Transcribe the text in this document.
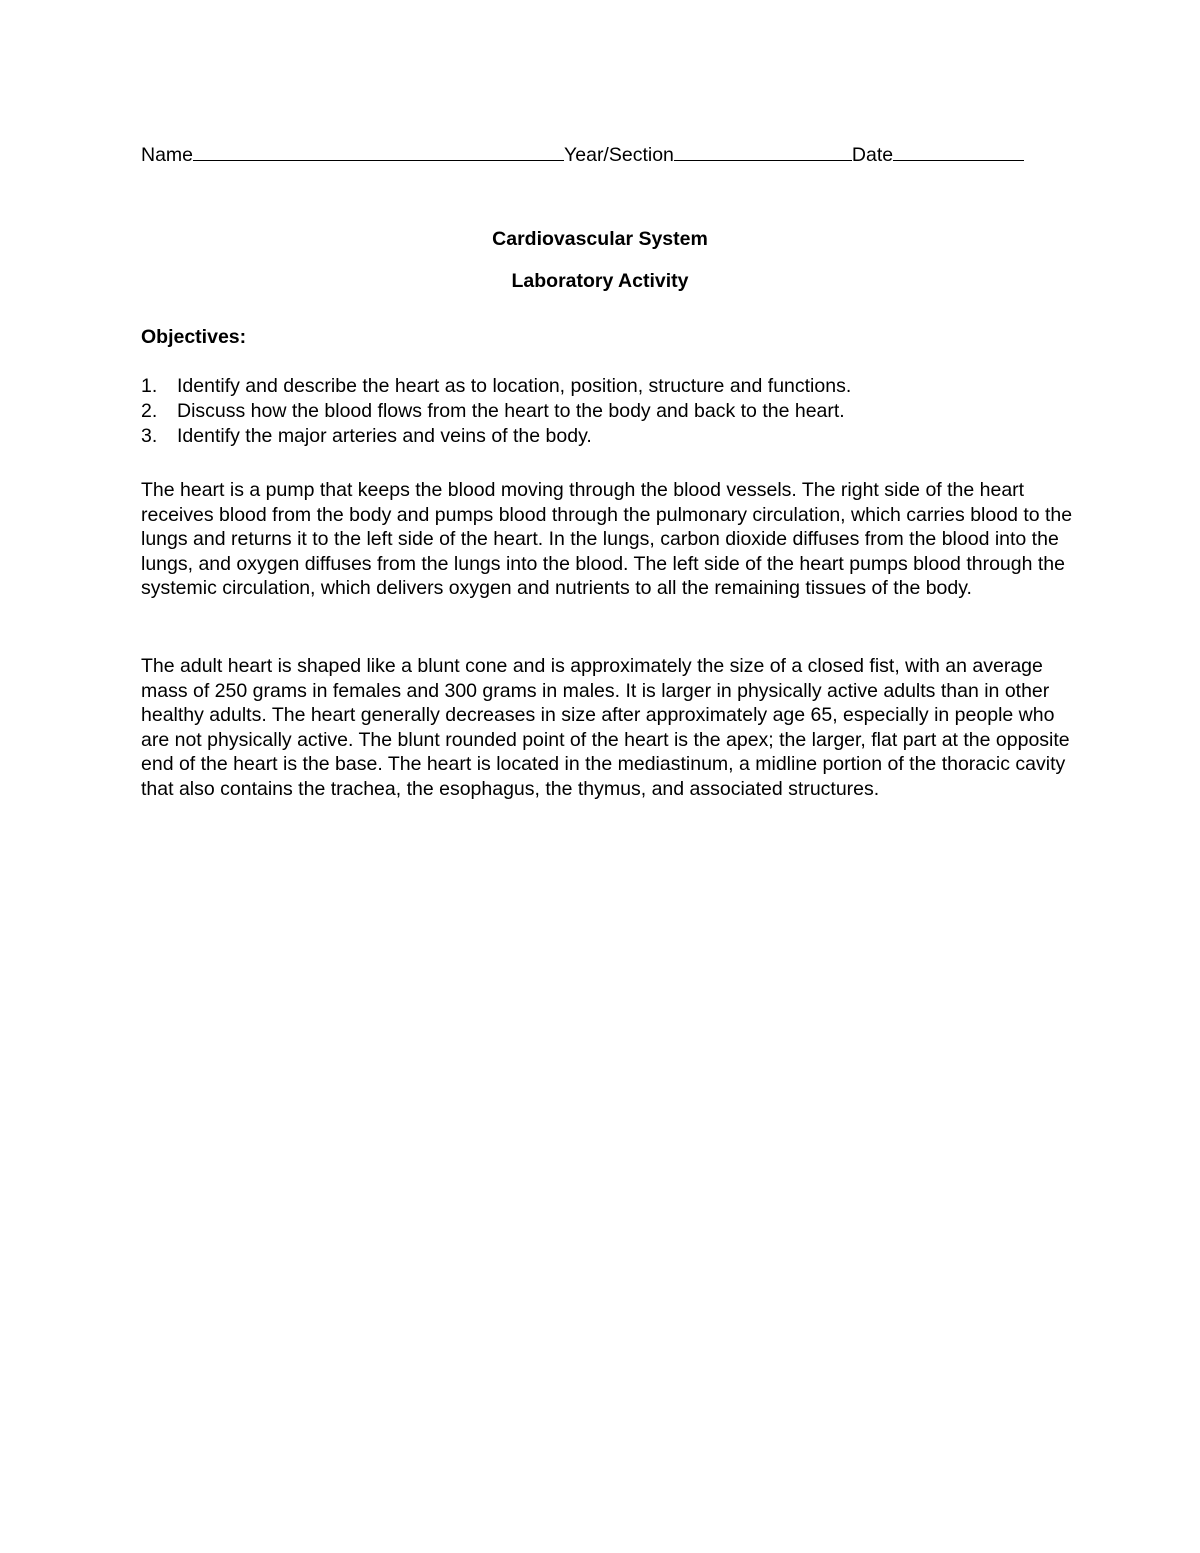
Name	Year/Section	Date
Cardiovascular System
Laboratory Activity
Objectives:
1. Identify and describe the heart as to location, position, structure and functions.
2. Discuss how the blood flows from the heart to the body and back to the heart.
3. Identify the major arteries and veins of the body.

The heart is a pump that keeps the blood moving through the blood vessels. The right side of the heart receives blood from the body and pumps blood through the pulmonary circulation, which carries blood to the lungs and returns it to the left side of the heart. In the lungs, carbon dioxide diffuses from the blood into the lungs, and oxygen diffuses from the lungs into the blood. The left side of the heart pumps blood through the systemic circulation, which delivers oxygen and nutrients to all the remaining tissues of the body.

The adult heart is shaped like a blunt cone and is approximately the size of a closed fist, with an average mass of 250 grams in females and 300 grams in males. It is larger in physically active adults than in other healthy adults. The heart generally decreases in size after approximately age 65, especially in people who are not physically active. The blunt rounded point of the heart is the apex; the larger, flat part at the opposite end of the heart is the base. The heart is located in the mediastinum, a midline portion of the thoracic cavity that also contains the trachea, the esophagus, the thymus, and associated structures.
